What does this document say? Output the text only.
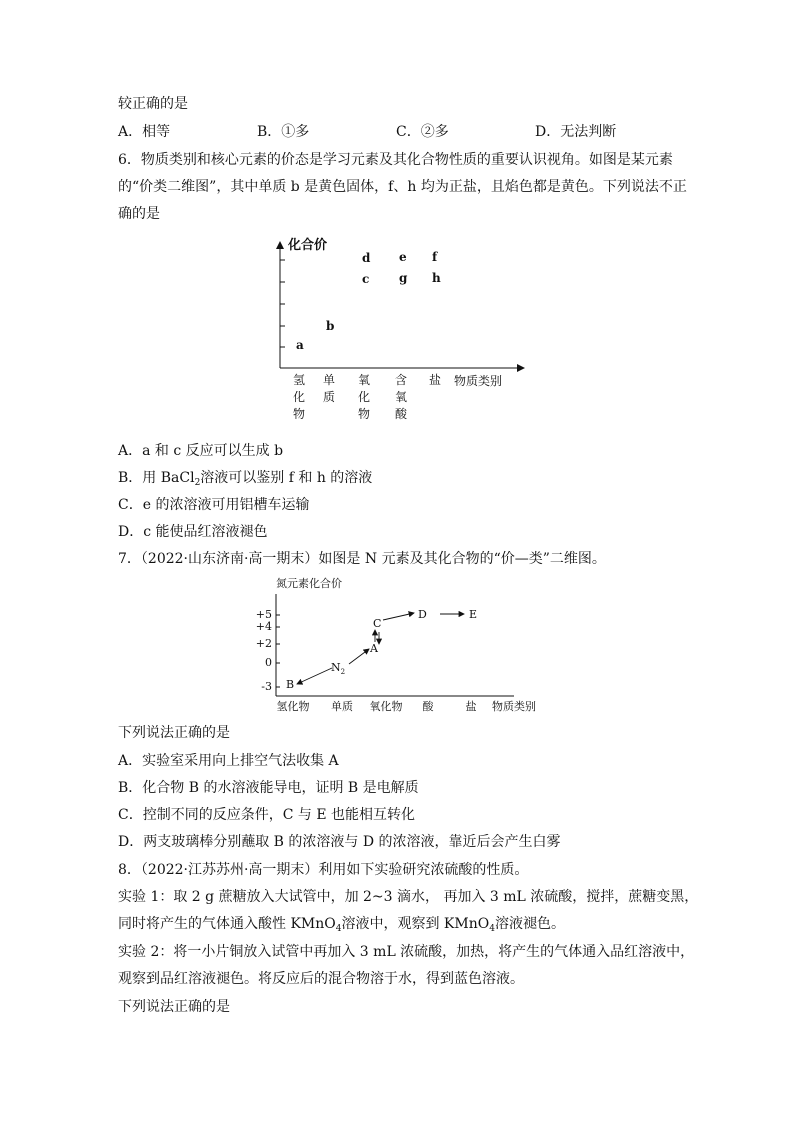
较正确的是
A．相等	B．①多	C．②多	D．无法判断
6．物质类别和核心元素的价态是学习元素及其化合物性质的重要认识视角。如图是某元素
的“价类二维图”，其中单质 b 是黄色固体，f、h 均为正盐，且焰色都是黄色。下列说法不正
确的是
化合价
a
b
c
d e
g
f
h
氢化物
单质
氧化物
含氧酸
盐 物质类别
A．a 和 c 反应可以生成 b
B．用 BaCl$_2$溶液可以鉴别 f 和 h 的溶液
C．e 的浓溶液可用铝槽车运输
D．c 能使品红溶液褪色
7．（2022·山东济南·高一期末）如图是 N 元素及其化合物的“价—类”二维图。
氮元素化合价
+5
+4
+2
0
-3 B
$N_2$
A
C
D	E
氢化物 单质 氧化物 酸	盐 物质类别
下列说法正确的是
A．实验室采用向上排空气法收集 A
B．化合物 B 的水溶液能导电，证明 B 是电解质
C．控制不同的反应条件，C 与 E 也能相互转化
D．两支玻璃棒分别蘸取 B 的浓溶液与 D 的浓溶液，靠近后会产生白雾
8．（2022·江苏苏州·高一期末）利用如下实验研究浓硫酸的性质。
实验 1：取 2 g 蔗糖放入大试管中，加 2~3 滴水， 再加入 3 mL 浓硫酸，搅拌，蔗糖变黑，
同时将产生的气体通入酸性 KMnO$_4$溶液中，观察到 KMnO$_4$溶液褪色。
实验 2：将一小片铜放入试管中再加入 3 mL 浓硫酸，加热，将产生的气体通入品红溶液中，
观察到品红溶液褪色。将反应后的混合物溶于水，得到蓝色溶液。
下列说法正确的是
